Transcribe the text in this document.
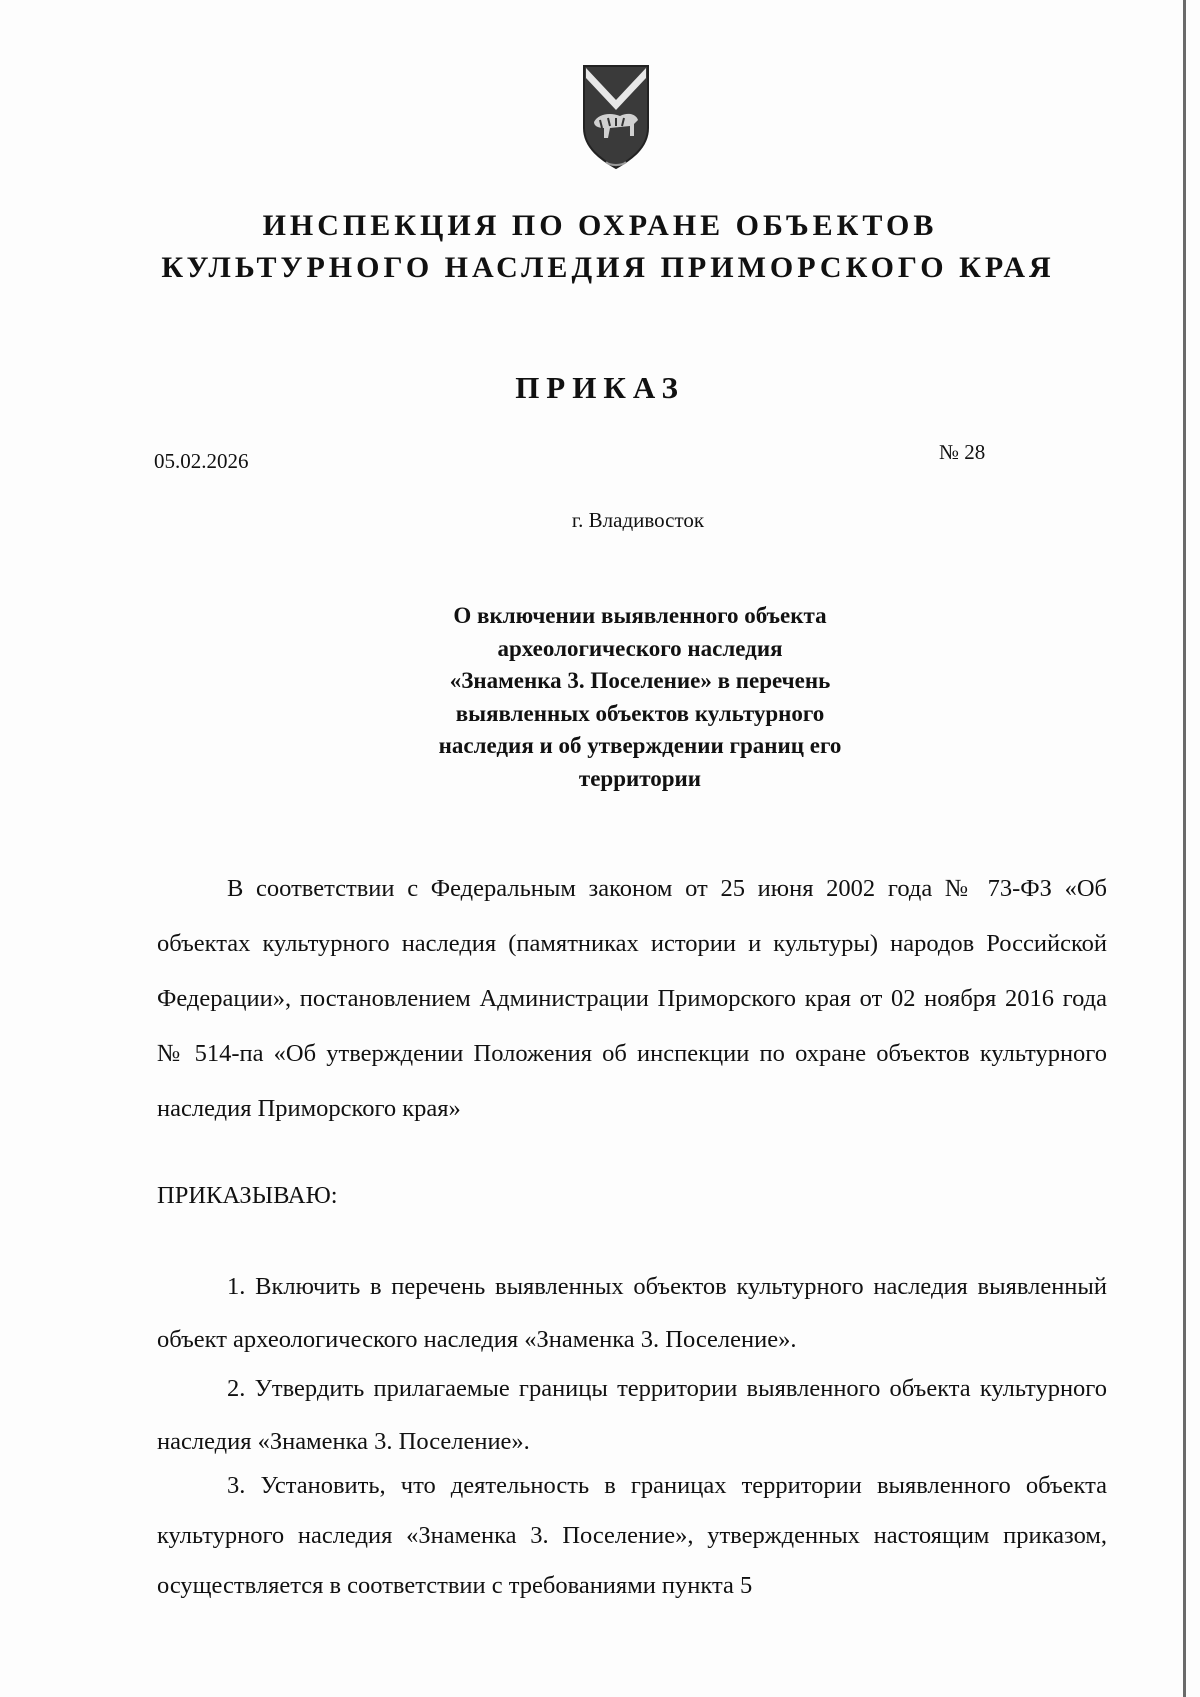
ИНСПЕКЦИЯ ПО ОХРАНЕ ОБЪЕКТОВ
КУЛЬТУРНОГО НАСЛЕДИЯ ПРИМОРСКОГО КРАЯ
ПРИКАЗ
05.02.2026	№ 28
г. Владивосток
О включении выявленного объекта
археологического наследия
«Знаменка 3. Поселение» в перечень
выявленных объектов культурного
наследия и об утверждении границ его
территории

В соответствии с Федеральным законом от 25 июня 2002 года № 73-ФЗ «Об объектах культурного наследия (памятниках истории и культуры) народов Российской Федерации», постановлением Администрации Приморского края от 02 ноября 2016 года № 514-па «Об утверждении Положения об инспекции по охране объектов культурного наследия Приморского края»

ПРИКАЗЫВАЮ:

1. Включить в перечень выявленных объектов культурного наследия выявленный объект археологического наследия «Знаменка 3. Поселение».

2. Утвердить прилагаемые границы территории выявленного объекта культурного наследия «Знаменка 3. Поселение».

3. Установить, что деятельность в границах территории выявленного объекта культурного наследия «Знаменка 3. Поселение», утвержденных настоящим приказом, осуществляется в соответствии с требованиями пункта 5
